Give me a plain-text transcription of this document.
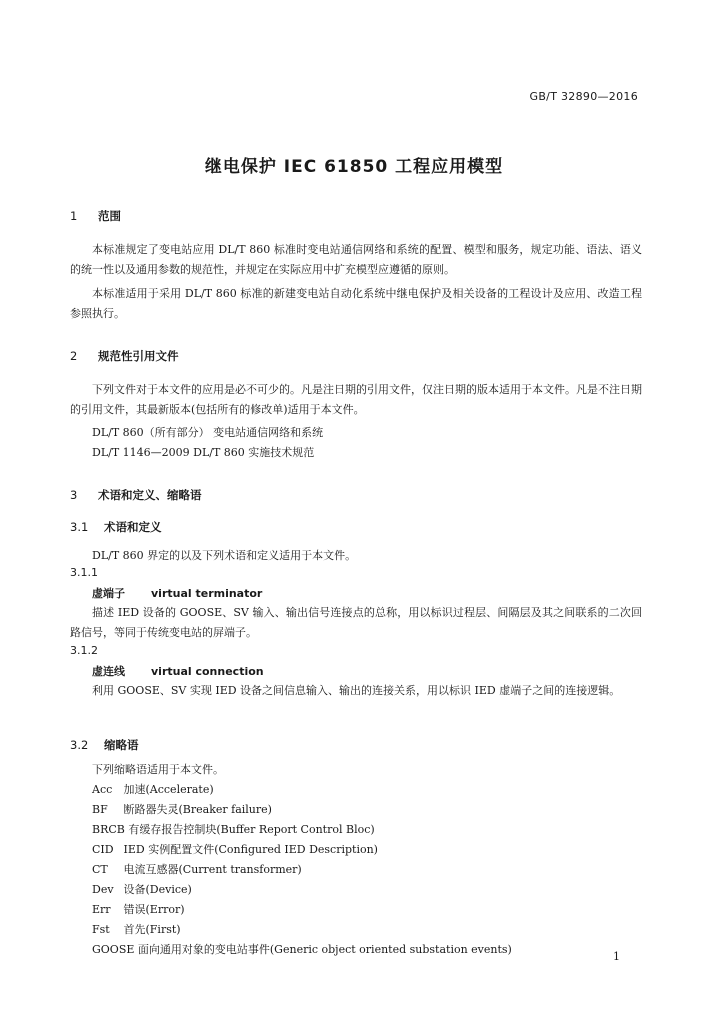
GB/T 32890—2016
继电保护 IEC 61850 工程应用模型
1 范围
本标准规定了变电站应用 DL/T 860 标准时变电站通信网络和系统的配置、模型和服务，规定功能、语法、语义的统一性以及通用参数的规范性，并规定在实际应用中扩充模型应遵循的原则。
本标准适用于采用 DL/T 860 标准的新建变电站自动化系统中继电保护及相关设备的工程设计及应用、改造工程参照执行。
2 规范性引用文件
下列文件对于本文件的应用是必不可少的。凡是注日期的引用文件，仅注日期的版本适用于本文件。凡是不注日期的引用文件，其最新版本(包括所有的修改单)适用于本文件。
DL/T 860（所有部分） 变电站通信网络和系统
DL/T 1146—2009 DL/T 860 实施技术规范
3 术语和定义、缩略语
3.1 术语和定义
DL/T 860 界定的以及下列术语和定义适用于本文件。
3.1.1
虚端子 virtual terminator
描述 IED 设备的 GOOSE、SV 输入、输出信号连接点的总称，用以标识过程层、间隔层及其之间联系的二次回路信号，等同于传统变电站的屏端子。
3.1.2
虚连线 virtual connection
利用 GOOSE、SV 实现 IED 设备之间信息输入、输出的连接关系，用以标识 IED 虚端子之间的连接逻辑。
3.2 缩略语
下列缩略语适用于本文件。
Acc 加速(Accelerate)
BF 断路器失灵(Breaker failure)
BRCB 有缓存报告控制块(Buffer Report Control Bloc)
CID IED 实例配置文件(Configured IED Description)
CT 电流互感器(Current transformer)
Dev 设备(Device)
Err 错误(Error)
Fst 首先(First)
GOOSE 面向通用对象的变电站事件(Generic object oriented substation events)
1
